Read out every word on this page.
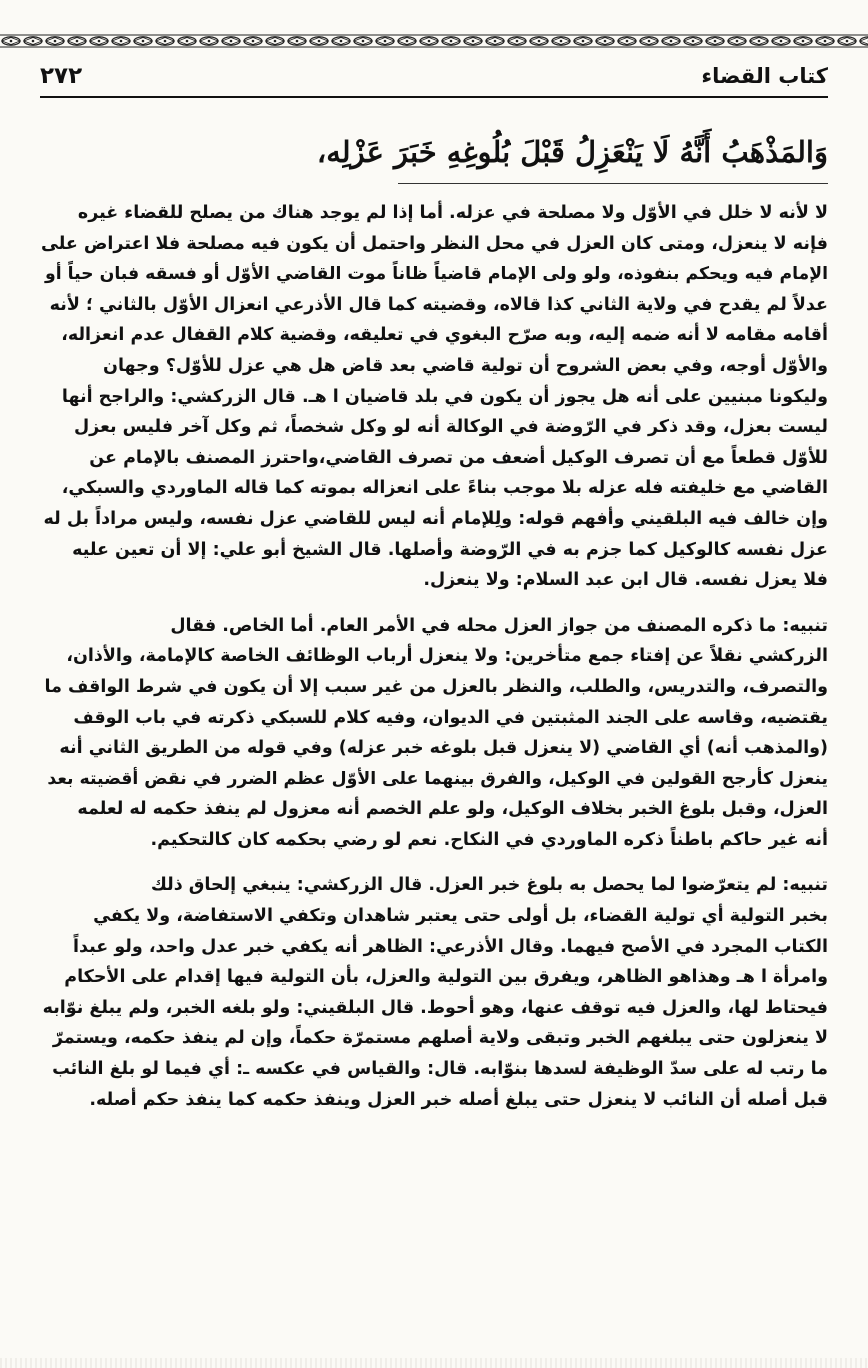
كتاب القضاء
٢٧٢
وَالمَذْهَبُ أَنَّهُ لَا يَنْعَزِلُ قَبْلَ بُلُوغِهِ خَبَرَ عَزْلِه،

لا لأنه لا خلل في الأوّل ولا مصلحة في عزله. أما إذا لم يوجد هناك من يصلح للقضاء غيره
فإنه لا ينعزل، ومتى كان العزل في محل النظر واحتمل أن يكون فيه مصلحة فلا اعتراض على
الإمام فيه ويحكم بنفوذه، ولو ولى الإمام قاضياً ظاناً موت القاضي الأوّل أو فسقه فبان حياً أو
عدلاً لم يقدح في ولاية الثاني كذا قالاه، وقضيته كما قال الأذرعي انعزال الأوّل بالثاني ؛ لأنه
أقامه مقامه لا أنه ضمه إليه، وبه صرّح البغوي في تعليقه، وقضية كلام القفال عدم انعزاله،
والأوّل أوجه، وفي بعض الشروح أن تولية قاضي بعد قاض هل هي عزل للأوّل؟ وجهان
وليكونا مبنيين على أنه هل يجوز أن يكون في بلد قاضيان ا هـ. قال الزركشي: والراجح أنها
ليست بعزل، وقد ذكر في الرّوضة في الوكالة أنه لو وكل شخصاً، ثم وكل آخر فليس بعزل
للأوّل قطعاً مع أن تصرف الوكيل أضعف من تصرف القاضي،واحترز المصنف بالإمام عن
القاضي مع خليفته فله عزله بلا موجب بناءً على انعزاله بموته كما قاله الماوردي والسبكي،
وإن خالف فيه البلقيني وأفهم قوله: ولِلإمام أنه ليس للقاضي عزل نفسه، وليس مراداً بل له
عزل نفسه كالوكيل كما جزم به في الرّوضة وأصلها. قال الشيخ أبو علي: إلا أن تعين عليه
فلا يعزل نفسه. قال ابن عبد السلام: ولا ينعزل.

تنبيه: ما ذكره المصنف من جواز العزل محله في الأمر العام. أما الخاص. فقال
الزركشي نقلاً عن إفتاء جمع متأخرين: ولا ينعزل أرباب الوظائف الخاصة كالإمامة، والأذان،
والتصرف، والتدريس، والطلب، والنظر بالعزل من غير سبب إلا أن يكون في شرط الواقف ما
يقتضيه، وقاسه على الجند المثبتين في الديوان، وفيه كلام للسبكي ذكرته في باب الوقف
(والمذهب أنه) أي القاضي (لا ينعزل قبل بلوغه خبر عزله) وفي قوله من الطريق الثاني أنه
ينعزل كأرجح القولين في الوكيل، والفرق بينهما على الأوّل عظم الضرر في نقض أقضيته بعد
العزل، وقبل بلوغ الخبر بخلاف الوكيل، ولو علم الخصم أنه معزول لم ينفذ حكمه له لعلمه
أنه غير حاكم باطناً ذكره الماوردي في النكاح. نعم لو رضي بحكمه كان كالتحكيم.

تنبيه: لم يتعرّضوا لما يحصل به بلوغ خبر العزل. قال الزركشي: ينبغي إلحاق ذلك
بخبر التولية أي تولية القضاء، بل أولى حتى يعتبر شاهدان وتكفي الاستفاضة، ولا يكفي
الكتاب المجرد في الأصح فيهما. وقال الأذرعي: الظاهر أنه يكفي خبر عدل واحد، ولو عبداً
وامرأة ا هـ وهذاهو الظاهر، ويفرق بين التولية والعزل، بأن التولية فيها إقدام على الأحكام
فيحتاط لها، والعزل فيه توقف عنها، وهو أحوط. قال البلقيني: ولو بلغه الخبر، ولم يبلغ نوّابه
لا ينعزلون حتى يبلغهم الخبر وتبقى ولاية أصلهم مستمرّة حكماً، وإن لم ينفذ حكمه، ويستمرّ
ما رتب له على سدّ الوظيفة لسدها بنوّابه. قال: والقياس في عكسه ـ: أي فيما لو بلغ النائب
قبل أصله أن النائب لا ينعزل حتى يبلغ أصله خبر العزل وينفذ حكمه كما ينفذ حكم أصله.
